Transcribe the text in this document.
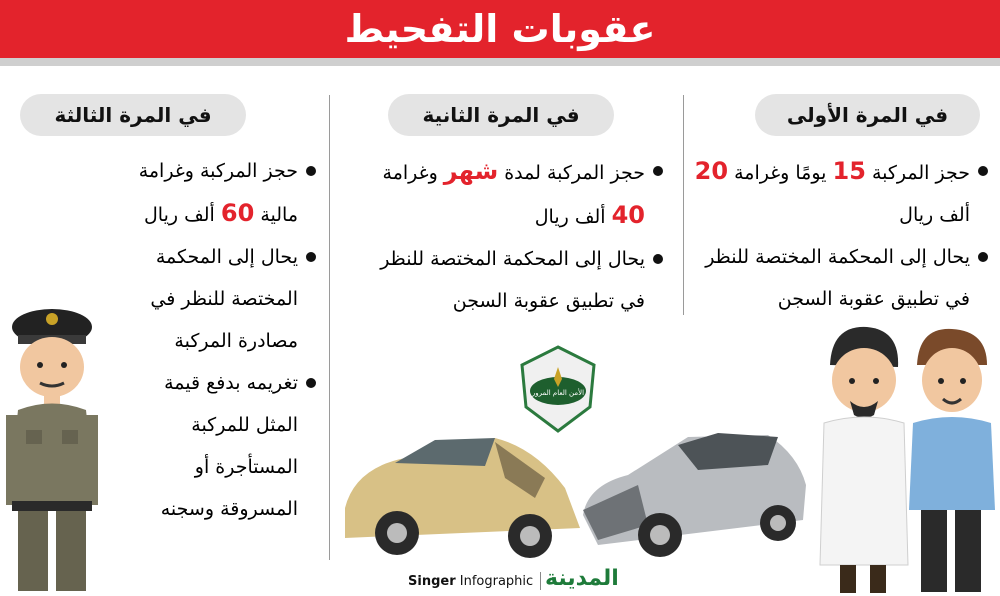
عقوبات التفحيط
في المرة الأولى
حجز المركبة 15 يومًا وغرامة 20 ألف ريال
يحال إلى المحكمة المختصة للنظر في تطبيق عقوبة السجن
في المرة الثانية
حجز المركبة لمدة شهر وغرامة 40 ألف ريال
يحال إلى المحكمة المختصة للنظر في تطبيق عقوبة السجن
في المرة الثالثة
حجز المركبة وغرامة مالية 60 ألف ريال
يحال إلى المحكمة المختصة للنظر في مصادرة المركبة
تغريمه بدفع قيمة المثل للمركبة المستأجرة أو المسروقة وسجنه
الأمن العام المرور
Singer Infographic المدينة
